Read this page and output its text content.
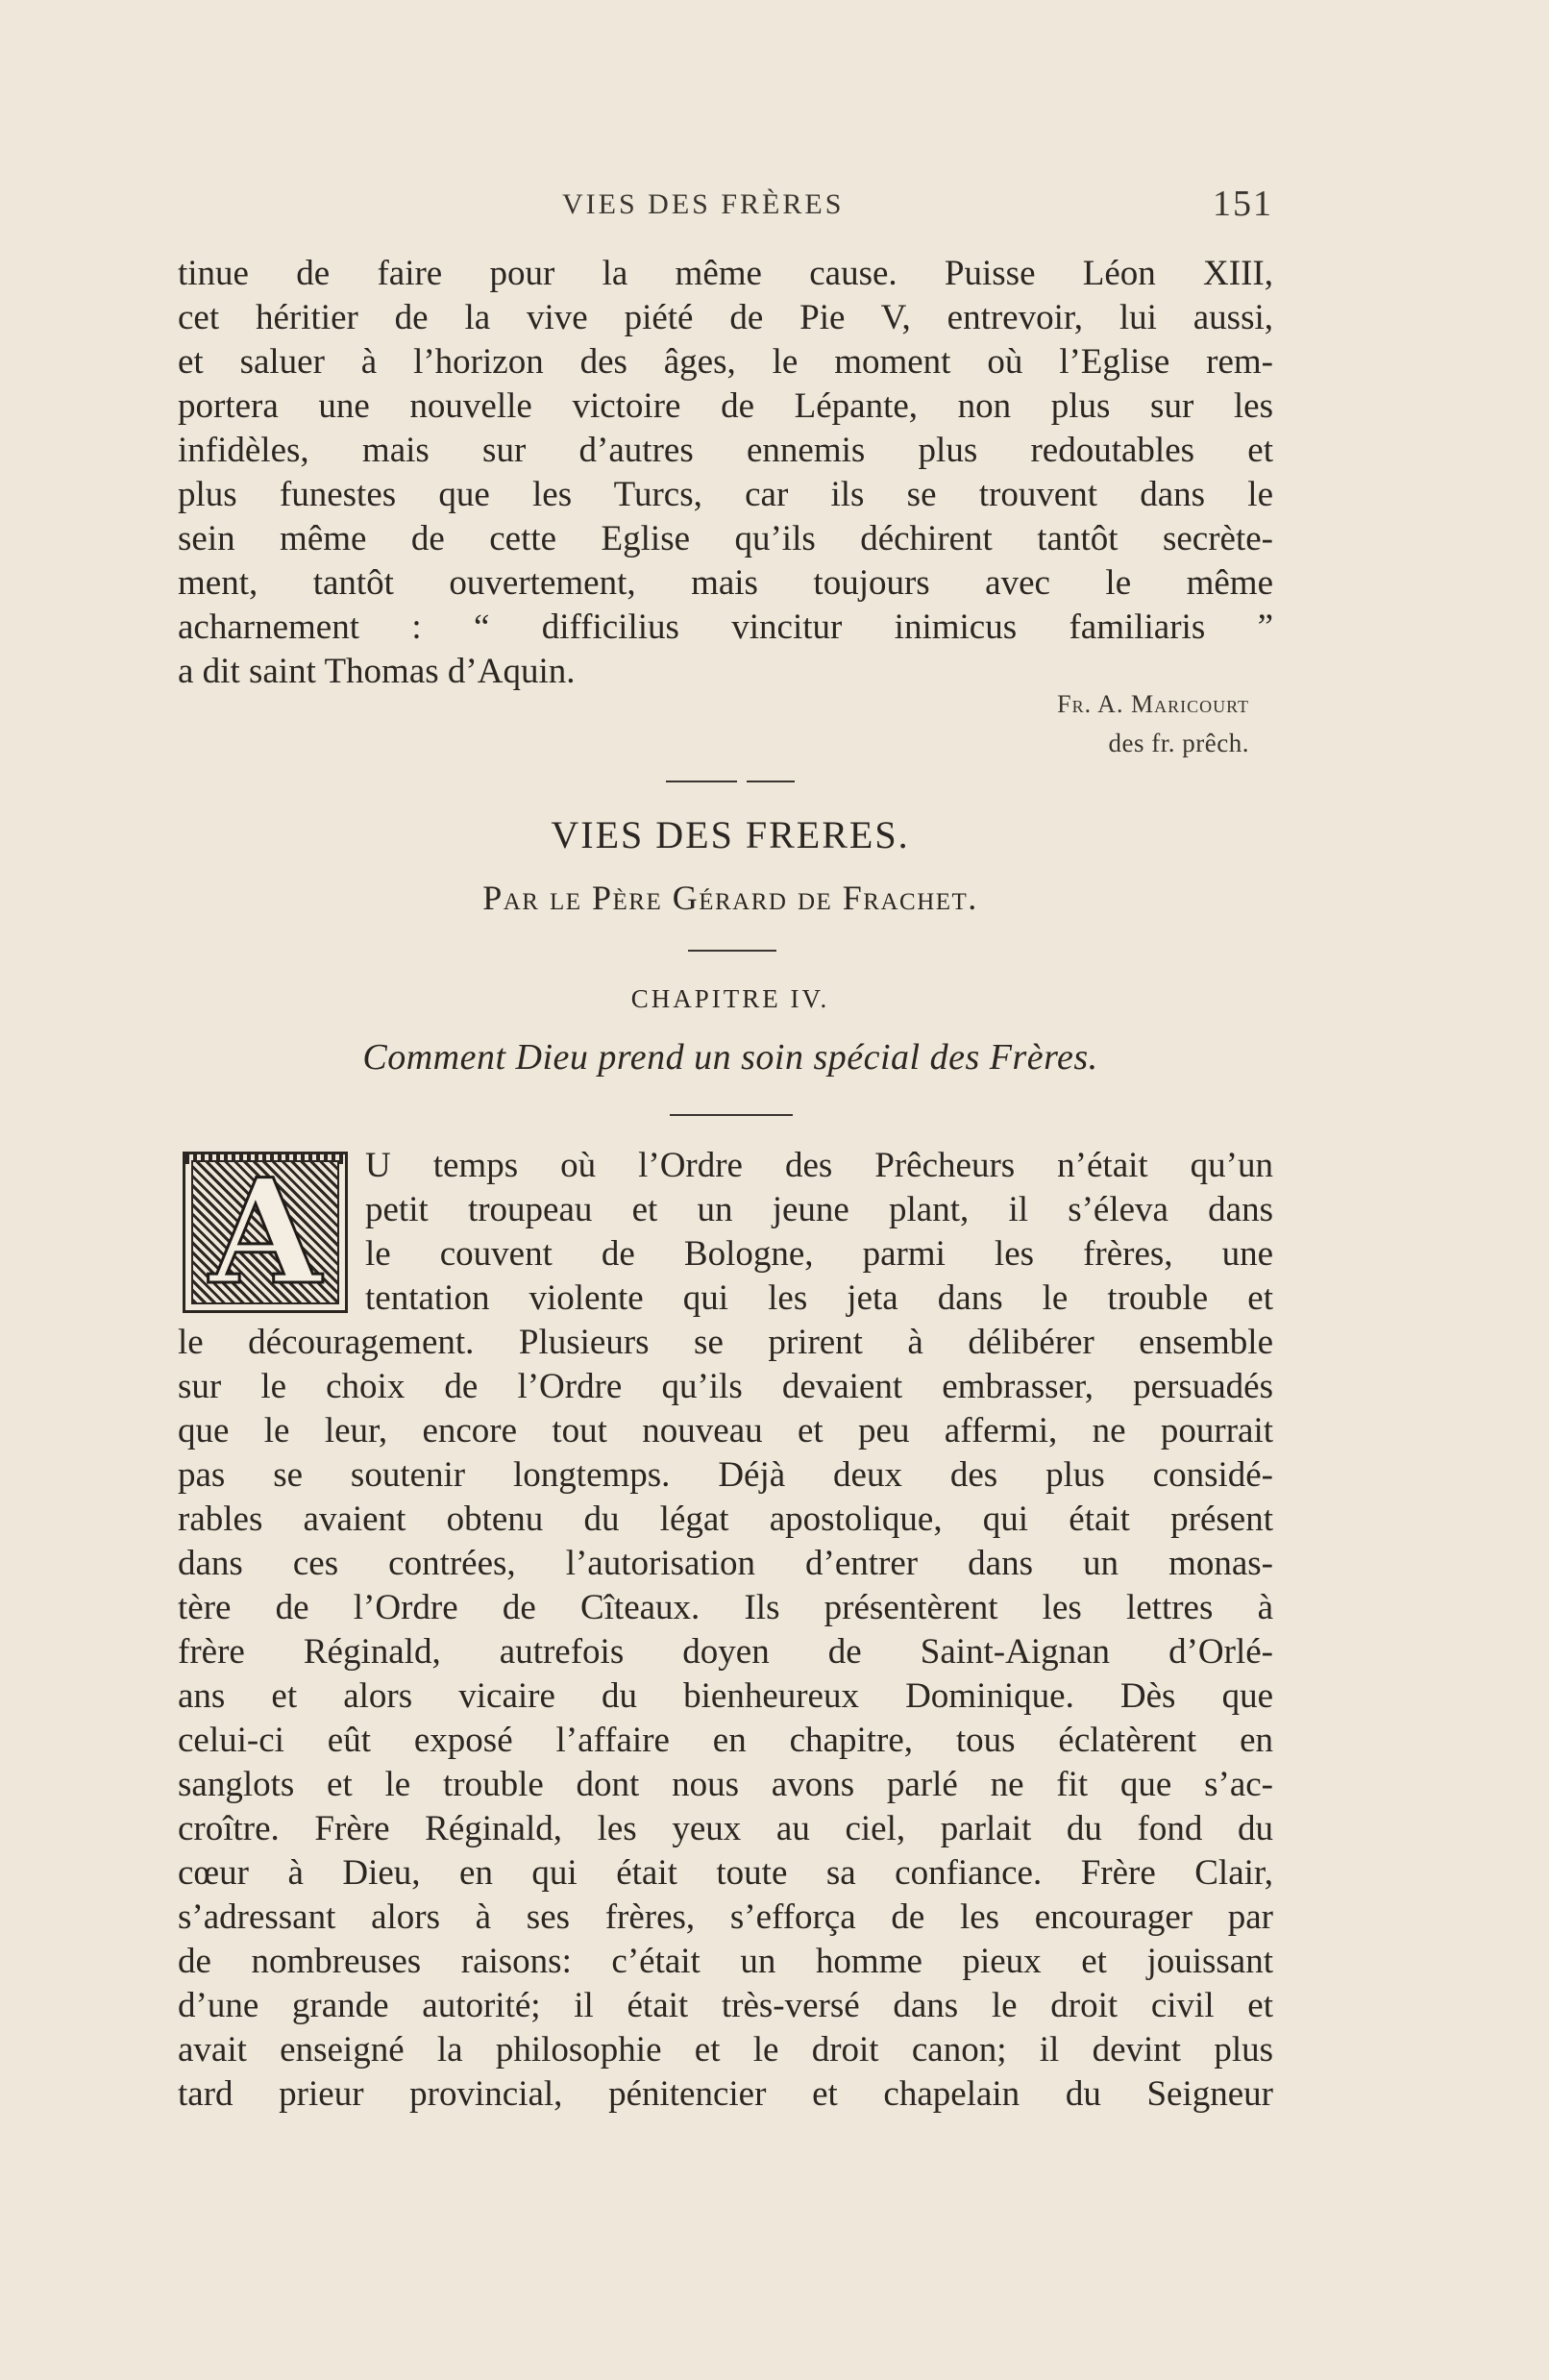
VIES DES FRÈRES	151
tinue de faire pour la même cause. Puisse Léon XIII,
cet héritier de la vive piété de Pie V, entrevoir, lui aussi,
et saluer à l’horizon des âges, le moment où l’Eglise rem-
portera une nouvelle victoire de Lépante, non plus sur les
infidèles, mais sur d’autres ennemis plus redoutables et
plus funestes que les Turcs, car ils se trouvent dans le
sein même de cette Eglise qu’ils déchirent tantôt secrète-
ment, tantôt ouvertement, mais toujours avec le même
acharnement : “ difficilius vincitur inimicus familiaris ”
a dit saint Thomas d’Aquin.
Fr. A. Maricourt
des fr. prêch.
VIES DES FRERES.
Par le Père Gérard de Frachet.
CHAPITRE IV.
Comment Dieu prend un soin spécial des Frères.
A	U temps où l’Ordre des Prêcheurs n’était qu’un
petit troupeau et un jeune plant, il s’éleva dans
le couvent de Bologne, parmi les frères, une
tentation violente qui les jeta dans le trouble et
le découragement. Plusieurs se prirent à délibérer ensemble
sur le choix de l’Ordre qu’ils devaient embrasser, persuadés
que le leur, encore tout nouveau et peu affermi, ne pourrait
pas se soutenir longtemps. Déjà deux des plus considé-
rables avaient obtenu du légat apostolique, qui était présent
dans ces contrées, l’autorisation d’entrer dans un monas-
tère de l’Ordre de Cîteaux. Ils présentèrent les lettres à
frère Réginald, autrefois doyen de Saint-Aignan d’Orlé-
ans et alors vicaire du bienheureux Dominique. Dès que
celui-ci eût exposé l’affaire en chapitre, tous éclatèrent en
sanglots et le trouble dont nous avons parlé ne fit que s’ac-
croître. Frère Réginald, les yeux au ciel, parlait du fond du
cœur à Dieu, en qui était toute sa confiance. Frère Clair,
s’adressant alors à ses frères, s’efforça de les encourager par
de nombreuses raisons: c’était un homme pieux et jouissant
d’une grande autorité; il était très-versé dans le droit civil et
avait enseigné la philosophie et le droit canon; il devint plus
tard prieur provincial, pénitencier et chapelain du Seigneur
